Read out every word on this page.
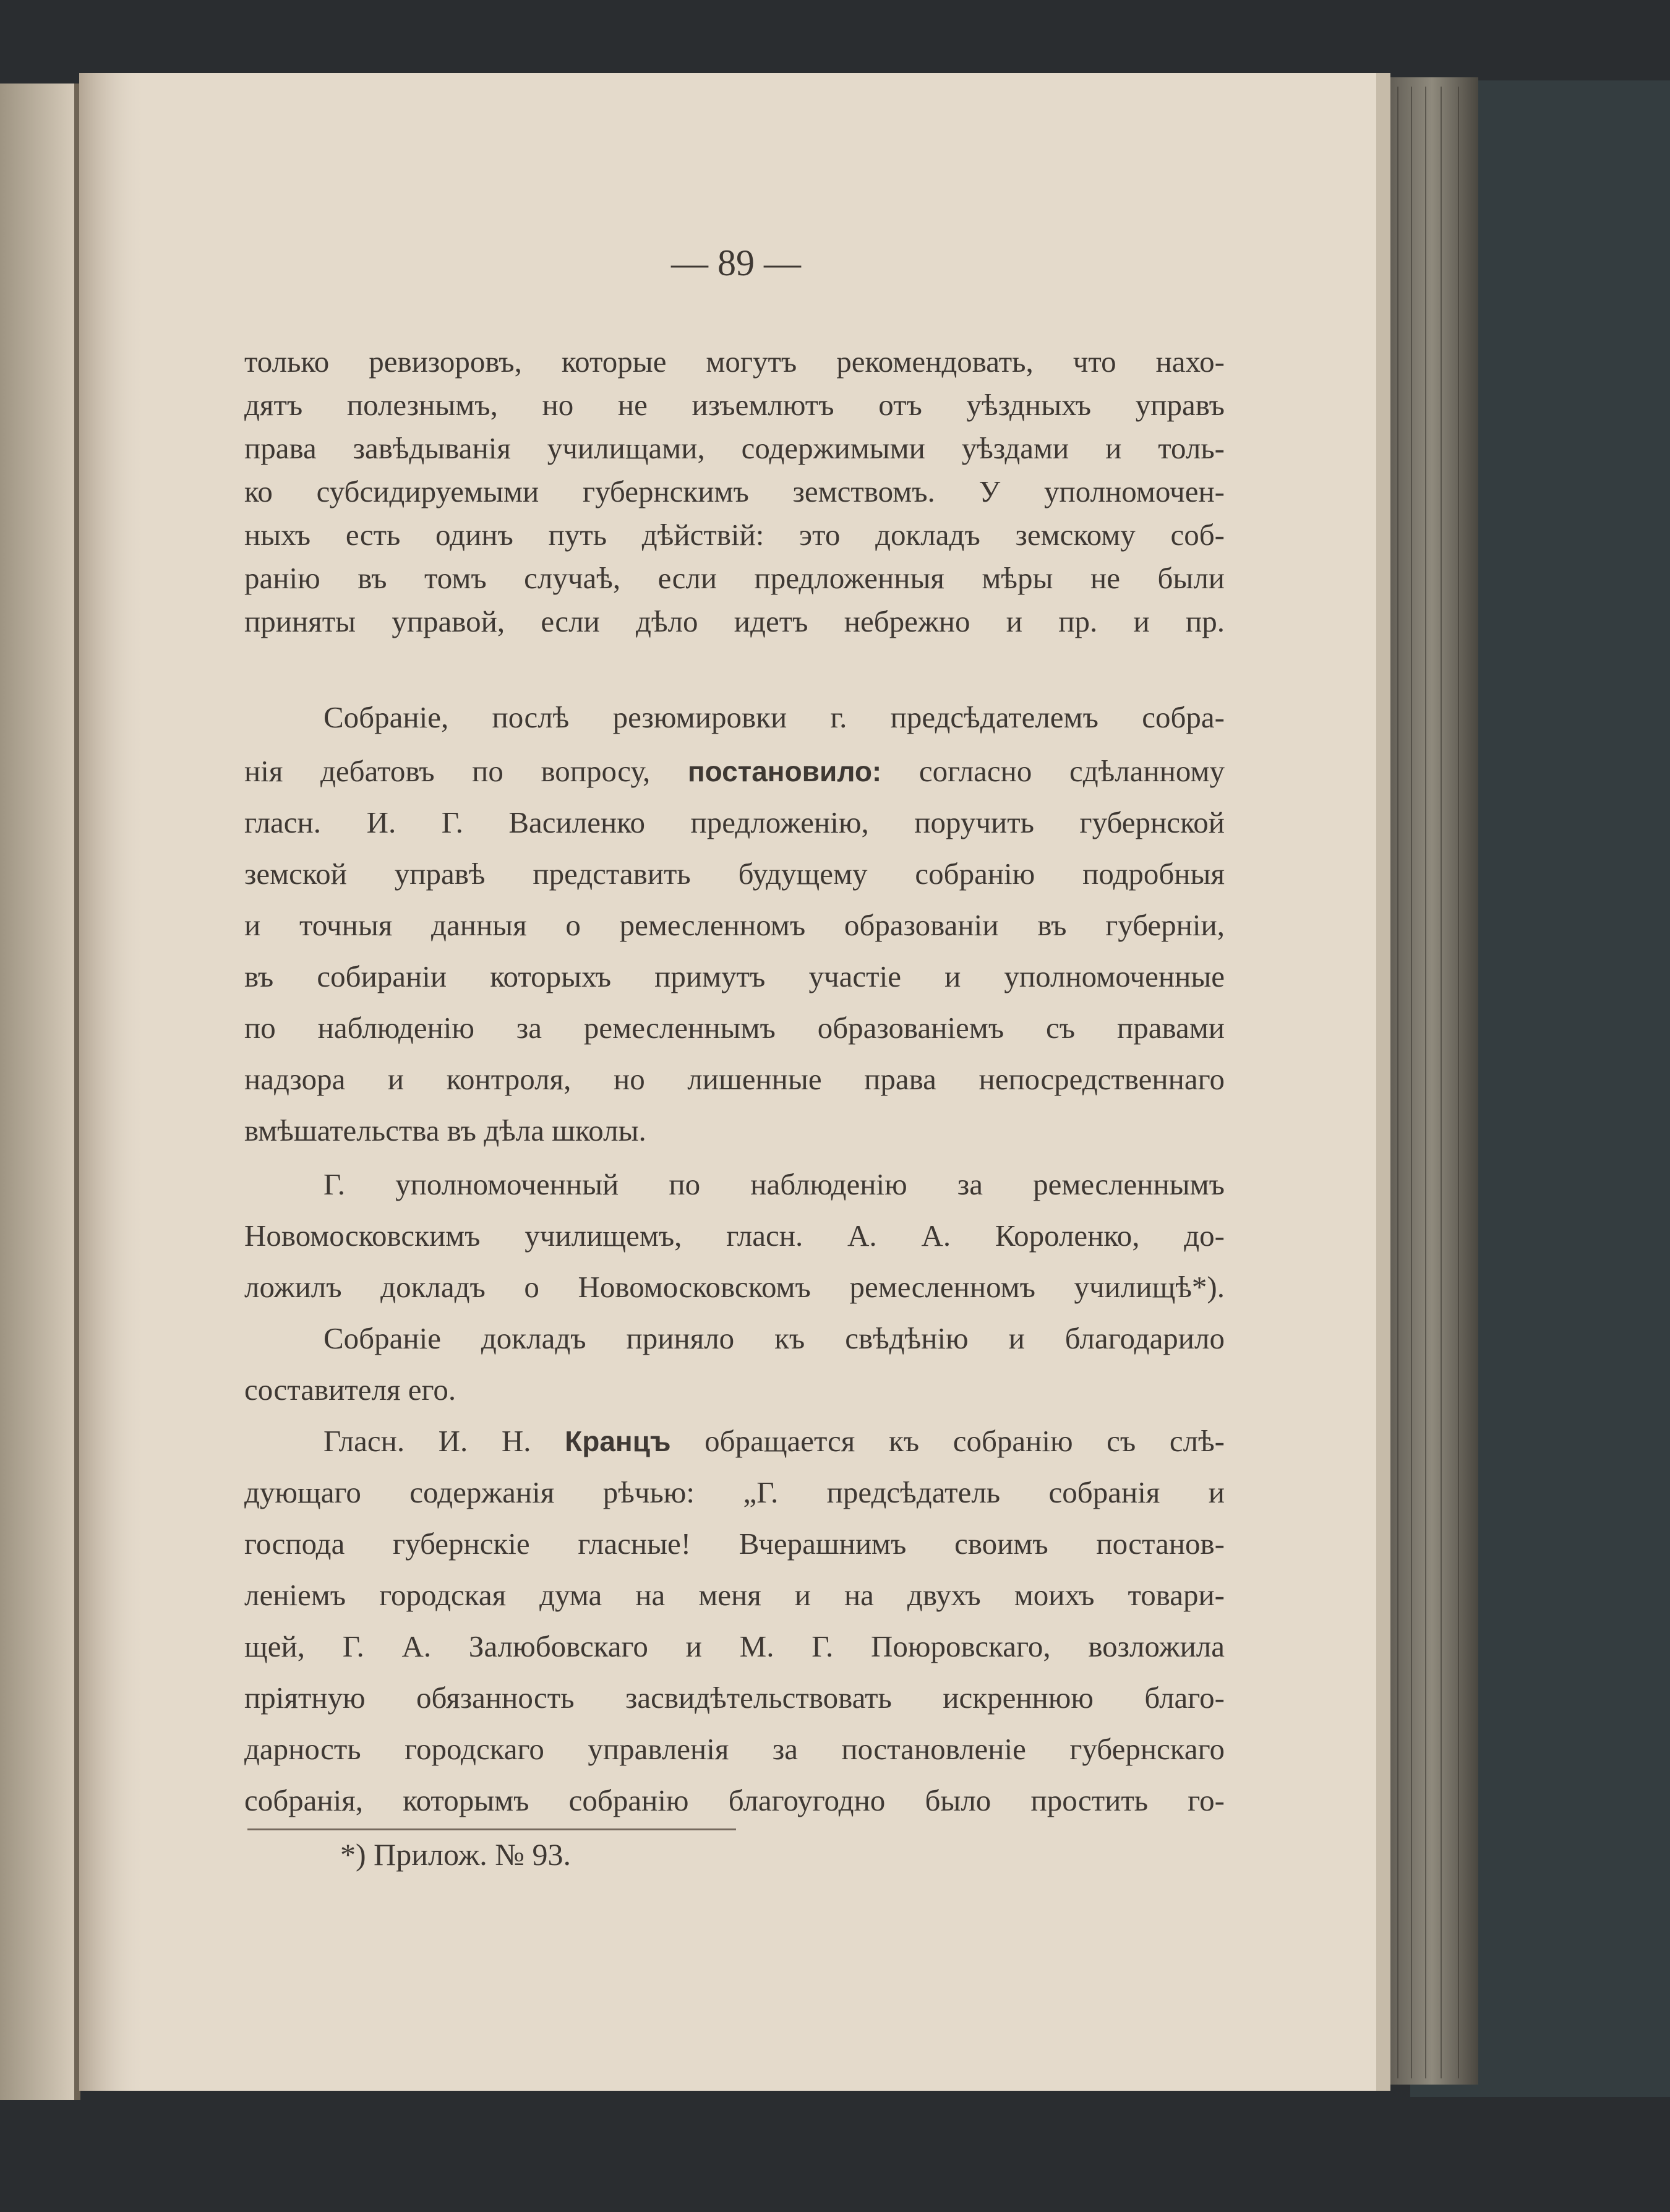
— 89 —

только ревизоровъ, которые могутъ рекомендовать, что нахо-

дятъ полезнымъ, но не изъемлютъ отъ уѣздныхъ управъ

права завѣдыванія училищами, содержимыми уѣздами и толь-

ко субсидируемыми губернскимъ земствомъ. У уполномочен-

ныхъ есть одинъ путь дѣйствій: это докладъ земскому соб-

ранію въ томъ случаѣ, если предложенныя мѣры не были

приняты управой, если дѣло идетъ небрежно и пр. и пр.

Собраніе, послѣ резюмировки г. предсѣдателемъ собра-

нія дебатовъ по вопросу, постановило: согласно сдѣланному

гласн. И. Г. Василенко предложенію, поручить губернской

земской управѣ представить будущему собранію подробныя

и точныя данныя о ремесленномъ образованіи въ губерніи,

въ собираніи которыхъ примутъ участіе и уполномоченные

по наблюденію за ремесленнымъ образованіемъ съ правами

надзора и контроля, но лишенные права непосредственнаго

вмѣшательства въ дѣла школы.

Г. уполномоченный по наблюденію за ремесленнымъ

Новомосковскимъ училищемъ, гласн. А. А. Короленко, до-

ложилъ докладъ о Новомосковскомъ ремесленномъ училищѣ*).

Собраніе докладъ приняло къ свѣдѣнію и благодарило

составителя его.

Гласн. И. Н. Кранцъ обращается къ собранію съ слѣ-

дующаго содержанія рѣчью: „Г. предсѣдатель собранія и

господа губернскіе гласные! Вчерашнимъ своимъ постанов-

леніемъ городская дума на меня и на двухъ моихъ товари-

щей, Г. А. Залюбовскаго и М. Г. Поюровскаго, возложила

пріятную обязанность засвидѣтельствовать искреннюю благо-

дарность городскаго управленія за постановленіе губернскаго

собранія, которымъ собранію благоугодно было простить го-

*) Прилож. № 93.
